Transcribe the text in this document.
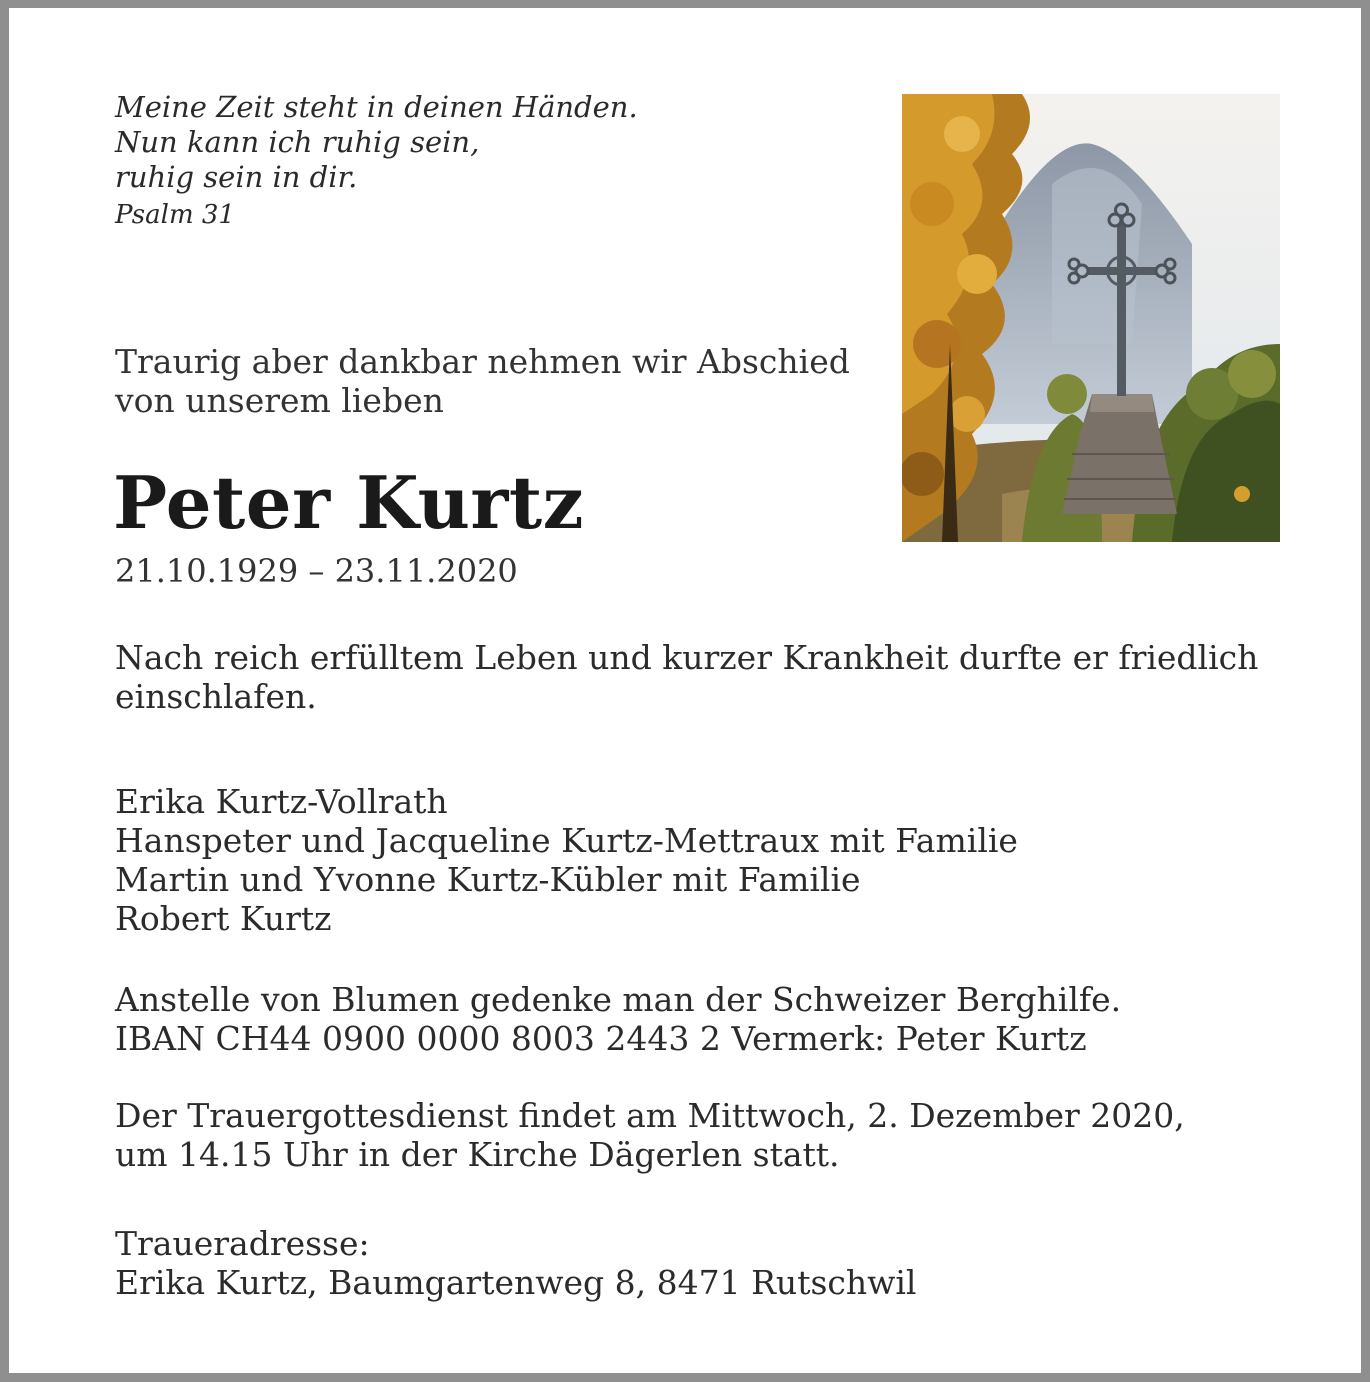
Meine Zeit steht in deinen Händen.
Nun kann ich ruhig sein,
ruhig sein in dir.
Psalm 31
Traurig aber dankbar nehmen wir Abschied
von unserem lieben
Peter Kurtz
21.10.1929 – 23.11.2020
Nach reich erfülltem Leben und kurzer Krankheit durfte er friedlich
einschlafen.
Erika Kurtz-Vollrath
Hanspeter und Jacqueline Kurtz-Mettraux mit Familie
Martin und Yvonne Kurtz-Kübler mit Familie
Robert Kurtz
Anstelle von Blumen gedenke man der Schweizer Berghilfe.
IBAN CH44 0900 0000 8003 2443 2 Vermerk: Peter Kurtz
Der Trauergottesdienst findet am Mittwoch, 2. Dezember 2020,
um 14.15 Uhr in der Kirche Dägerlen statt.
Traueradresse:
Erika Kurtz, Baumgartenweg 8, 8471 Rutschwil
